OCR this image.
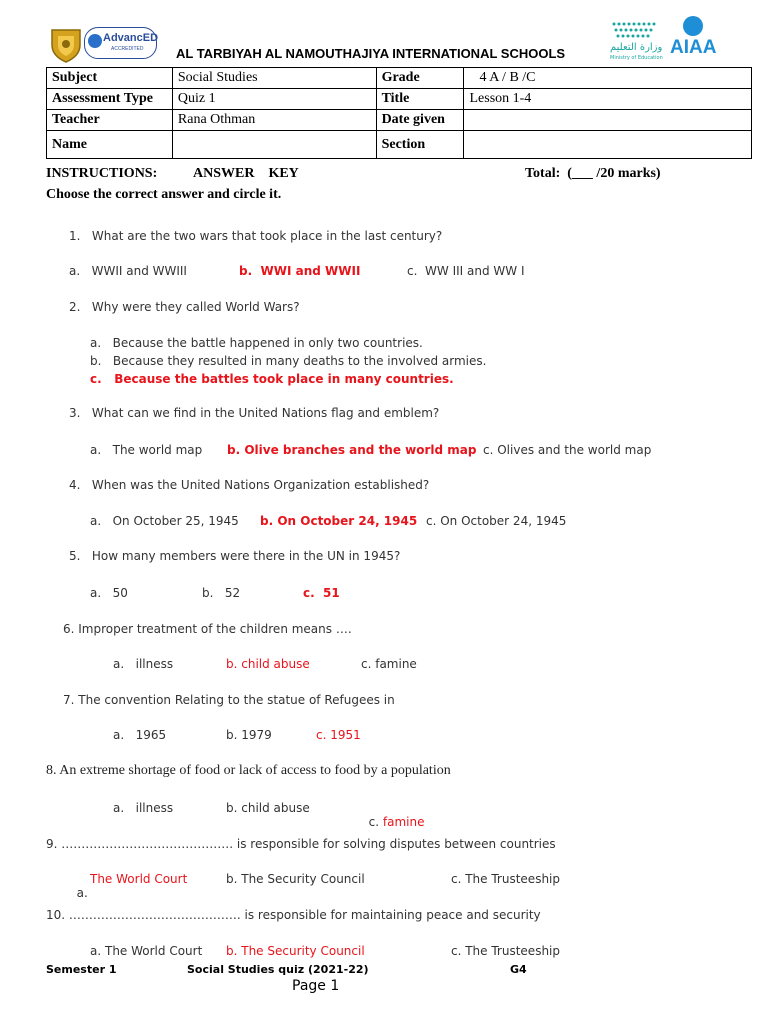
AdvancED
ACCREDITED AL TARBIYAH AL NAMOUTHAJIYA INTERNATIONAL SCHOOLS	وزارة التعليم
Ministry of Education AIAA
Subject	Social Studies	Grade	4 A / B /C
Assessment Type	Quiz 1	Title	Lesson 1-4
Teacher	Rana Othman	Date given	
Name		Section	
INSTRUCTIONS:	ANSWER    KEY	Total:  (___ /20 marks)
Choose the correct answer and circle it.
1.   What are the two wars that took place in the last century?
a.   WWII and WWIII	b.  WWI and WWII	c.  WW III and WW I
2.   Why were they called World Wars?
a.   Because the battle happened in only two countries.
b.   Because they resulted in many deaths to the involved armies.
c.   Because the battles took place in many countries.
3.   What can we find in the United Nations flag and emblem?
a.   The world map b. Olive branches and the world map c. Olives and the world map
4.   When was the United Nations Organization established?
a.   On October 25, 1945 b. On October 24, 1945 c. On October 24, 1945
5.   How many members were there in the UN in 1945?
a.   50	b.   52	c.  51
6. Improper treatment of the children means ….
a.   illness	b. child abuse	c. famine
7. The convention Relating to the statue of Refugees in
a.   1965	b. 1979	c. 1951
8. An extreme shortage of food or lack of access to food by a population
a.   illness	b. child abuse

c. famine

9. ……………………………………. is responsible for solving disputes between countries

a.

The World Court	b. The Security Council	c. The Trusteeship
10. ……………………………………. is responsible for maintaining peace and security
a. The World Court b. The Security Council	c. The Trusteeship
Semester 1	Social Studies quiz (2021-22)	G4
Page 1
